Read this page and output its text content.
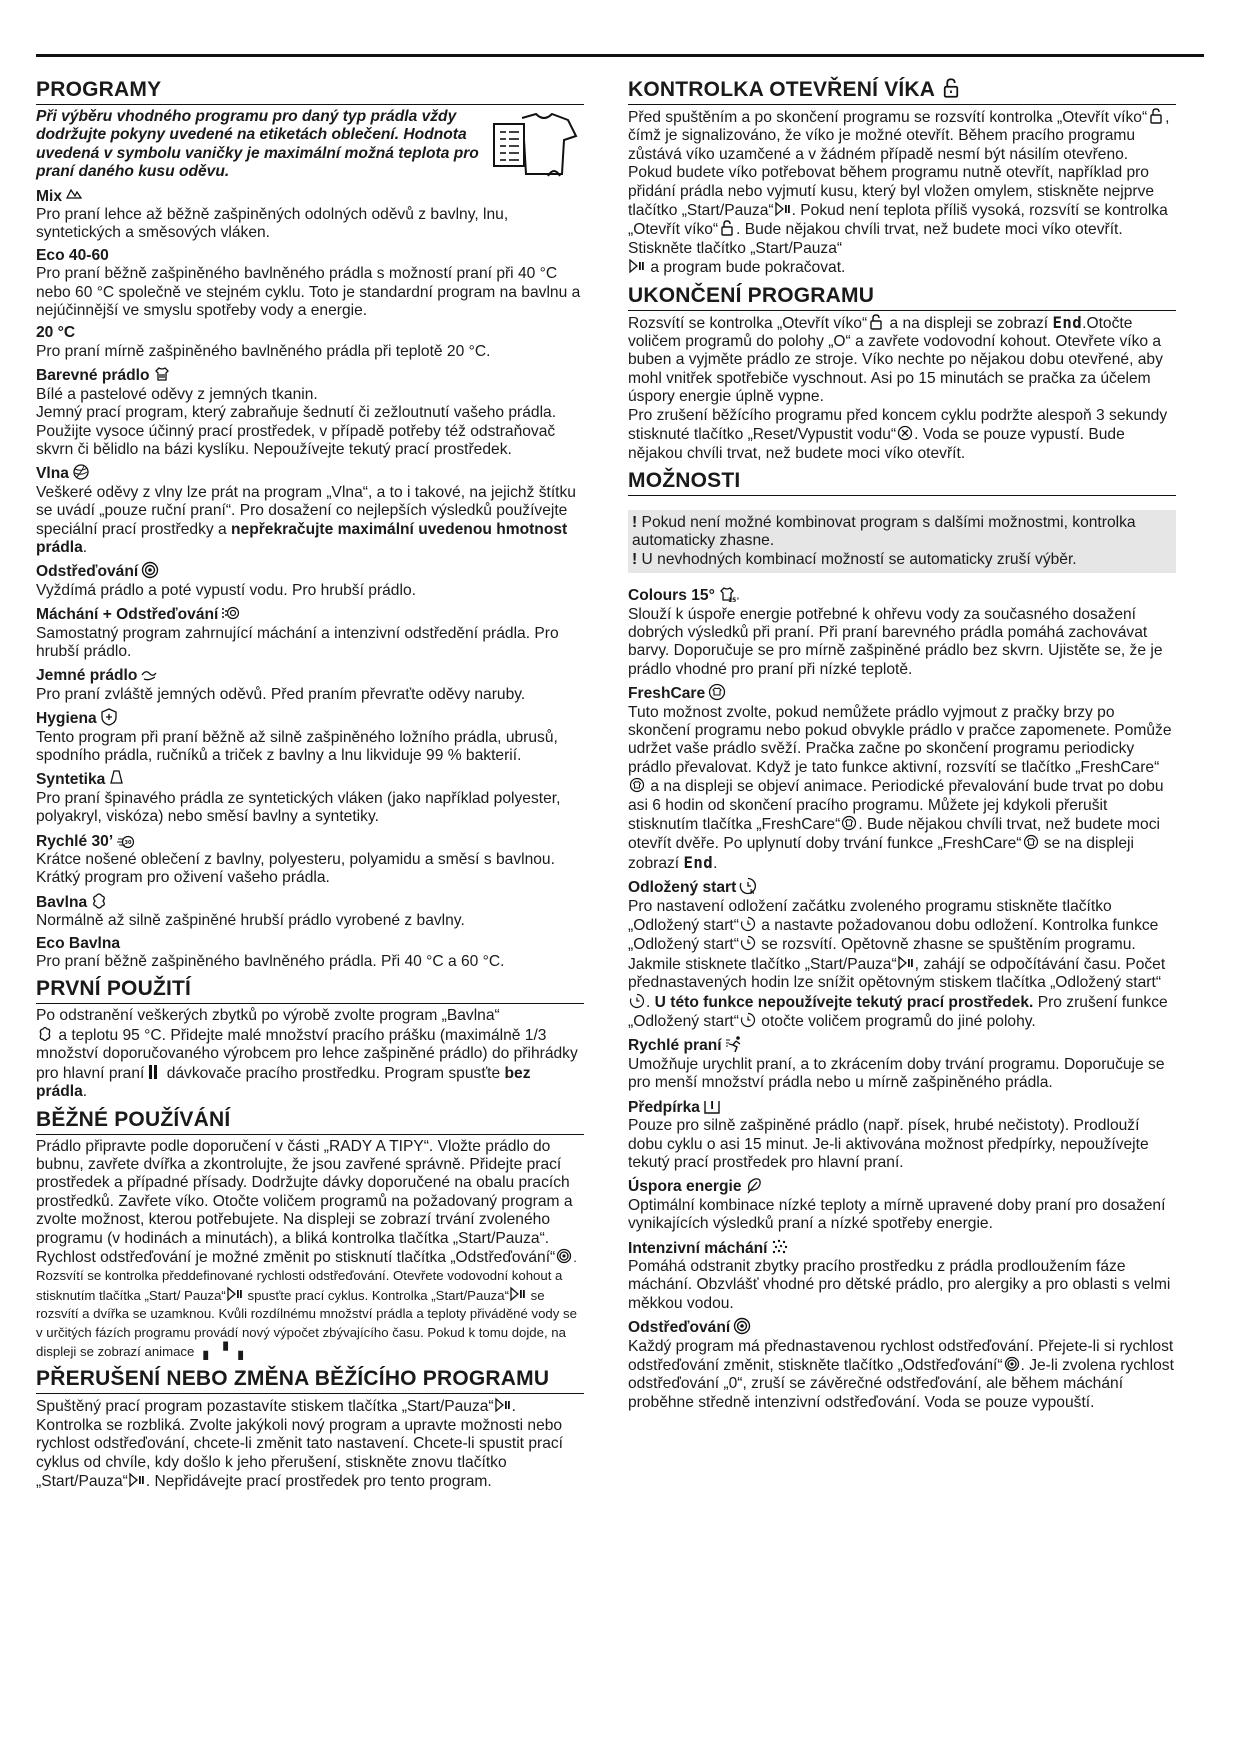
PROGRAMY

Při výběru vhodného programu pro daný typ prádla vždy dodržujte pokyny uvedené na etiketách oblečení. Hodnota uvedená v symbolu vaničky je maximální možná teplota pro praní daného kusu oděvu.

Mix

Pro praní lehce až běžně zašpiněných odolných oděvů z bavlny, lnu, syntetických a směsových vláken.

Eco 40-60

Pro praní běžně zašpiněného bavlněného prádla s možností praní při 40 °C nebo 60 °C společně ve stejném cyklu. Toto je standardní program na bavlnu a nejúčinnější ve smyslu spotřeby vody a energie.

20 °C

Pro praní mírně zašpiněného bavlněného prádla při teplotě 20 °C.

Barevné prádlo

Bílé a pastelové oděvy z jemných tkanin.
Jemný prací program, který zabraňuje šednutí či zežloutnutí vašeho prádla. Použijte vysoce účinný prací prostředek, v případě potřeby též odstraňovač skvrn či bělidlo na bázi kyslíku. Nepoužívejte tekutý prací prostředek.

Vlna

Veškeré oděvy z vlny lze prát na program „Vlna“, a to i takové, na jejichž štítku se uvádí „pouze ruční praní“. Pro dosažení co nejlepších výsledků používejte speciální prací prostředky a nepřekračujte maximální uvedenou hmotnost prádla.

Odstřeďování

Vyždímá prádlo a poté vypustí vodu. Pro hrubší prádlo.

Máchání + Odstřeďování

Samostatný program zahrnující máchání a intenzivní odstředění prádla. Pro hrubší prádlo.

Jemné prádlo

Pro praní zvláště jemných oděvů. Před praním převraťte oděvy naruby.

Hygiena

Tento program při praní běžně až silně zašpiněného ložního prádla, ubrusů, spodního prádla, ručníků a triček z bavlny a lnu likviduje 99 % bakterií.

Syntetika

Pro praní špinavého prádla ze syntetických vláken (jako například polyester, polyakryl, viskóza) nebo směsí bavlny a syntetiky.

Rychlé 30’ 30

Krátce nošené oblečení z bavlny, polyesteru, polyamidu a směsí s bavlnou. Krátký program pro oživení vašeho prádla.

Bavlna

Normálně až silně zašpiněné hrubší prádlo vyrobené z bavlny.

Eco Bavlna

Pro praní běžně zašpiněného bavlněného prádla. Při 40 °C a 60 °C.

PRVNÍ POUŽITÍ

Po odstranění veškerých zbytků po výrobě zvolte program „Bavlna“

a teplotu 95 °C. Přidejte malé množství pracího prášku (maximálně 1/3 množství doporučovaného výrobcem pro lehce zašpiněné prádlo) do přihrádky pro hlavní praní
dávkovače pracího prostředku. Program spusťte bez prádla.

BĚŽNÉ POUŽÍVÁNÍ

Prádlo připravte podle doporučení v části „RADY A TIPY“. Vložte prádlo do bubnu, zavřete dvířka a zkontrolujte, že jsou zavřené správně. Přidejte prací prostředek a případné přísady. Dodržujte dávky doporučené na obalu pracích prostředků. Zavřete víko. Otočte voličem programů na požadovaný program a zvolte možnost, kterou potřebujete. Na displeji se zobrazí trvání zvoleného programu (v hodinách a minutách), a bliká kontrolka tlačítka „Start/Pauza“. Rychlost odstřeďování je možné změnit po stisknutí tlačítka „Odstřeďování“ . Rozsvítí se kontrolka předdefinované rychlosti odstřeďování. Otevřete vodovodní kohout a stisknutím tlačítka „Start/ Pauza“
spusťte prací cyklus. Kontrolka „Start/Pauza“
se rozsvítí a dvířka se uzamknou. Kvůli rozdílnému množství prádla a teploty přiváděné vody se v určitých fázích programu provádí nový výpočet zbývajícího času. Pokud k tomu dojde, na displeji se zobrazí animace ▗ ▝ ▖

PŘERUŠENÍ NEBO ZMĚNA BĚŽÍCÍHO PROGRAMU

Spuštěný prací program pozastavíte stiskem tlačítka „Start/Pauza“ . Kontrolka se rozbliká. Zvolte jakýkoli nový program a upravte možnosti nebo rychlost odstřeďování, chcete-li změnit tato nastavení. Chcete-li spustit prací cyklus od chvíle, kdy došlo k jeho přerušení, stiskněte znovu tlačítko „Start/Pauza“ . Nepřidávejte prací prostředek pro tento program.

KONTROLKA OTEVŘENÍ VÍKA

Před spuštěním a po skončení programu se rozsvítí kontrolka „Otevřít víko“ , čímž je signalizováno, že víko je možné otevřít. Během pracího programu zůstává víko uzamčené a v žádném případě nesmí být násilím otevřeno. Pokud budete víko potřebovat během programu nutně otevřít, například pro přidání prádla nebo vyjmutí kusu, který byl vložen omylem, stiskněte nejprve tlačítko „Start/Pauza“ . Pokud není teplota příliš vysoká, rozsvítí se kontrolka „Otevřít víko“ . Bude nějakou chvíli trvat, než budete moci víko otevřít. Stiskněte tlačítko „Start/Pauza“

a program bude pokračovat.

UKONČENÍ PROGRAMU

Rozsvítí se kontrolka „Otevřít víko“
a na displeji se zobrazí End.Otočte voličem programů do polohy „O“ a zavřete vodovodní kohout. Otevřete víko a buben a vyjměte prádlo ze stroje. Víko nechte po nějakou dobu otevřené, aby mohl vnitřek spotřebiče vyschnout. Asi po 15 minutách se pračka za účelem úspory energie úplně vypne.

Pro zrušení běžícího programu před koncem cyklu podržte alespoň 3 sekundy stisknuté tlačítko „Reset/Vypustit vodu“ . Voda se pouze vypustí. Bude nějakou chvíli trvat, než budete moci víko otevřít.

MOŽNOSTI

! Pokud není možné kombinovat program s dalšími možnostmi, kontrolka automaticky zhasne.

! U nevhodných kombinací možností se automaticky zruší výběr.

Colours 15° 15°

Slouží k úspoře energie potřebné k ohřevu vody za současného dosažení dobrých výsledků při praní. Při praní barevného prádla pomáhá zachovávat barvy. Doporučuje se pro mírně zašpiněné prádlo bez skvrn. Ujistěte se, že je prádlo vhodné pro praní při nízké teplotě.

FreshCare

Tuto možnost zvolte, pokud nemůžete prádlo vyjmout z pračky brzy po skončení programu nebo pokud obvykle prádlo v pračce zapomenete. Pomůže udržet vaše prádlo svěží. Pračka začne po skončení programu periodicky prádlo převalovat. Když je tato funkce aktivní, rozsvítí se tlačítko „FreshCare“
a na displeji se objeví animace. Periodické převalování bude trvat po dobu asi 6 hodin od skončení pracího programu. Můžete jej kdykoli přerušit stisknutím tlačítka „FreshCare“ . Bude nějakou chvíli trvat, než budete moci otevřít dvěře. Po uplynutí doby trvání funkce „FreshCare“
se na displeji zobrazí End.

Odložený start h

Pro nastavení odložení začátku zvoleného programu stiskněte tlačítko „Odložený start“
a nastavte požadovanou dobu odložení. Kontrolka funkce „Odložený start“
se rozsvítí. Opětovně zhasne se spuštěním programu. Jakmile stisknete tlačítko „Start/Pauza“ , zahájí se odpočítávání času. Počet přednastavených hodin lze snížit opětovným stiskem tlačítka „Odložený start“
. U této funkce nepoužívejte tekutý prací prostředek. Pro zrušení funkce „Odložený start“
otočte voličem programů do jiné polohy.

Rychlé praní

Umožňuje urychlit praní, a to zkrácením doby trvání programu. Doporučuje se pro menší množství prádla nebo u mírně zašpiněného prádla.

Předpírka

Pouze pro silně zašpiněné prádlo (např. písek, hrubé nečistoty). Prodlouží dobu cyklu o asi 15 minut. Je-li aktivována možnost předpírky, nepoužívejte tekutý prací prostředek pro hlavní praní.

Úspora energie

Optimální kombinace nízké teploty a mírně upravené doby praní pro dosažení vynikajících výsledků praní a nízké spotřeby energie.

Intenzivní máchání

Pomáhá odstranit zbytky pracího prostředku z prádla prodloužením fáze máchání. Obzvlášť vhodné pro dětské prádlo, pro alergiky a pro oblasti s velmi měkkou vodou.

Odstřeďování

Každý program má přednastavenou rychlost odstřeďování. Přejete-li si rychlost odstřeďování změnit, stiskněte tlačítko „Odstřeďování“ . Je-li zvolena rychlost odstřeďování „0“, zruší se závěrečné odstřeďování, ale během máchání proběhne středně intenzivní odstřeďování. Voda se pouze vypouští.
